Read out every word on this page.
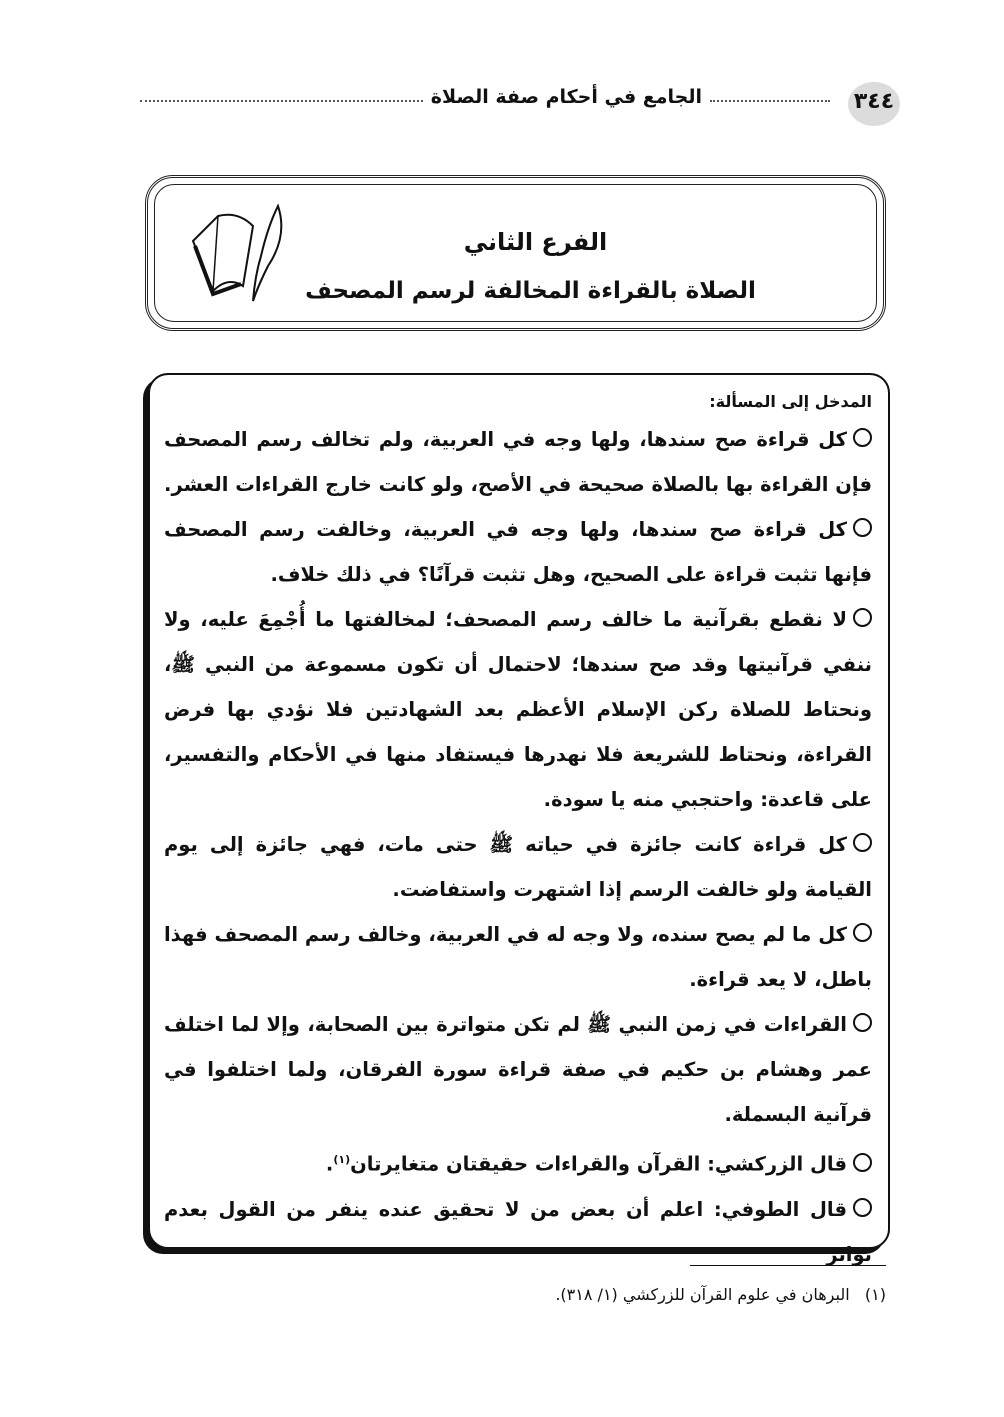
٣٤٤
الجامع في أحكام صفة الصلاة
الفرع الثاني
الصلاة بالقراءة المخالفة لرسم المصحف
المدخل إلى المسألة:

كل قراءة صح سندها، ولها وجه في العربية، ولم تخالف رسم المصحف فإن القراءة بها بالصلاة صحيحة في الأصح، ولو كانت خارج القراءات العشر.

كل قراءة صح سندها، ولها وجه في العربية، وخالفت رسم المصحف فإنها تثبت قراءة على الصحيح، وهل تثبت قرآنًا؟ في ذلك خلاف.

لا نقطع بقرآنية ما خالف رسم المصحف؛ لمخالفتها ما أُجْمِعَ عليه، ولا ننفي قرآنيتها وقد صح سندها؛ لاحتمال أن تكون مسموعة من النبي ﷺ، ونحتاط للصلاة ركن الإسلام الأعظم بعد الشهادتين فلا نؤدي بها فرض القراءة، ونحتاط للشريعة فلا نهدرها فيستفاد منها في الأحكام والتفسير، على قاعدة: واحتجبي منه يا سودة.

كل قراءة كانت جائزة في حياته ﷺ حتى مات، فهي جائزة إلى يوم القيامة ولو خالفت الرسم إذا اشتهرت واستفاضت.

كل ما لم يصح سنده، ولا وجه له في العربية، وخالف رسم المصحف فهذا باطل، لا يعد قراءة.

القراءات في زمن النبي ﷺ لم تكن متواترة بين الصحابة، وإلا لما اختلف عمر وهشام بن حكيم في صفة قراءة سورة الفرقان، ولما اختلفوا في قرآنية البسملة.

قال الزركشي: القرآن والقراءات حقيقتان متغايرتان$^{(١)}$.

قال الطوفي: اعلم أن بعض من لا تحقيق عنده ينفر من القول بعدم تواتر

(١)   البرهان في علوم القرآن للزركشي (١/ ٣١٨).
